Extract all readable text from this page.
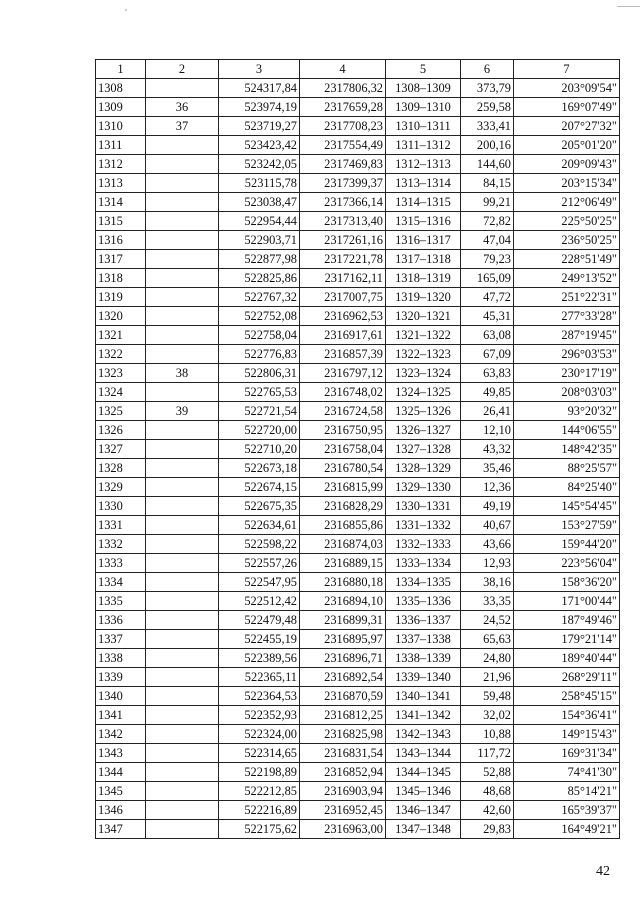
1	2	3	4	5	6	7
1308		524317,84	2317806,32	1308–1309	373,79	203°09'54"
1309	36	523974,19	2317659,28	1309–1310	259,58	169°07'49"
1310	37	523719,27	2317708,23	1310–1311	333,41	207°27'32"
1311		523423,42	2317554,49	1311–1312	200,16	205°01'20"
1312		523242,05	2317469,83	1312–1313	144,60	209°09'43"
1313		523115,78	2317399,37	1313–1314	84,15	203°15'34"
1314		523038,47	2317366,14	1314–1315	99,21	212°06'49"
1315		522954,44	2317313,40	1315–1316	72,82	225°50'25"
1316		522903,71	2317261,16	1316–1317	47,04	236°50'25"
1317		522877,98	2317221,78	1317–1318	79,23	228°51'49"
1318		522825,86	2317162,11	1318–1319	165,09	249°13'52"
1319		522767,32	2317007,75	1319–1320	47,72	251°22'31"
1320		522752,08	2316962,53	1320–1321	45,31	277°33'28"
1321		522758,04	2316917,61	1321–1322	63,08	287°19'45"
1322		522776,83	2316857,39	1322–1323	67,09	296°03'53"
1323	38	522806,31	2316797,12	1323–1324	63,83	230°17'19"
1324		522765,53	2316748,02	1324–1325	49,85	208°03'03"
1325	39	522721,54	2316724,58	1325–1326	26,41	93°20'32"
1326		522720,00	2316750,95	1326–1327	12,10	144°06'55"
1327		522710,20	2316758,04	1327–1328	43,32	148°42'35"
1328		522673,18	2316780,54	1328–1329	35,46	88°25'57"
1329		522674,15	2316815,99	1329–1330	12,36	84°25'40"
1330		522675,35	2316828,29	1330–1331	49,19	145°54'45"
1331		522634,61	2316855,86	1331–1332	40,67	153°27'59"
1332		522598,22	2316874,03	1332–1333	43,66	159°44'20"
1333		522557,26	2316889,15	1333–1334	12,93	223°56'04"
1334		522547,95	2316880,18	1334–1335	38,16	158°36'20"
1335		522512,42	2316894,10	1335–1336	33,35	171°00'44"
1336		522479,48	2316899,31	1336–1337	24,52	187°49'46"
1337		522455,19	2316895,97	1337–1338	65,63	179°21'14"
1338		522389,56	2316896,71	1338–1339	24,80	189°40'44"
1339		522365,11	2316892,54	1339–1340	21,96	268°29'11"
1340		522364,53	2316870,59	1340–1341	59,48	258°45'15"
1341		522352,93	2316812,25	1341–1342	32,02	154°36'41"
1342		522324,00	2316825,98	1342–1343	10,88	149°15'43"
1343		522314,65	2316831,54	1343–1344	117,72	169°31'34"
1344		522198,89	2316852,94	1344–1345	52,88	74°41'30"
1345		522212,85	2316903,94	1345–1346	48,68	85°14'21"
1346		522216,89	2316952,45	1346–1347	42,60	165°39'37"
1347		522175,62	2316963,00	1347–1348	29,83	164°49'21"
42
